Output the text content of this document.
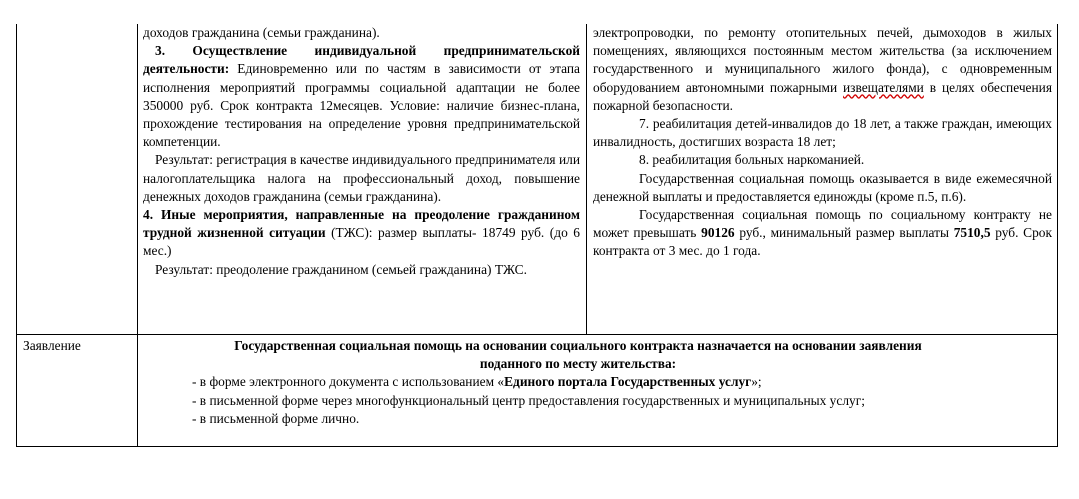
доходов гражданина (семьи гражданина).

3. Осуществление индивидуальной предпринимательской деятельности: Единовременно или по частям в зависимости от этапа исполнения мероприятий программы социальной адаптации не более 350000 руб. Срок контракта 12месяцев. Условие: наличие бизнес-плана, прохождение тестирования на определение уровня предпринимательской компетенции.

Результат: регистрация в качестве индивидуального предпринимателя или налогоплательщика налога на профессиональный доход, повышение денежных доходов гражданина (семьи гражданина).

4. Иные мероприятия, направленные на преодоление гражданином трудной жизненной ситуации (ТЖС): размер выплаты- 18749 руб. (до 6 мес.)

Результат: преодоление гражданином (семьей гражданина) ТЖС.

электропроводки, по ремонту отопительных печей, дымоходов в жилых помещениях, являющихся постоянным местом жительства (за исключением государственного и муниципального жилого фонда), с одновременным оборудованием автономными пожарными извещателями в целях обеспечения пожарной безопасности.

7. реабилитация детей-инвалидов до 18 лет, а также граждан, имеющих инвалидность, достигших возраста 18 лет;

8. реабилитация больных наркоманией.

Государственная социальная помощь оказывается в виде ежемесячной денежной выплаты и предоставляется единожды (кроме п.5, п.6).

Государственная социальная помощь по социальному контракту не может превышать 90126 руб., минимальный размер выплаты 7510,5 руб. Срок контракта от 3 мес. до 1 года.

Заявление	Государственная социальная помощь на основании социального контракта назначается на основании заявления поданного по месту жительства:

- в форме электронного документа с использованием «Единого портала Государственных услуг»;

- в письменной форме через многофункциональный центр предоставления государственных и муниципальных услуг;

- в письменной форме лично.
